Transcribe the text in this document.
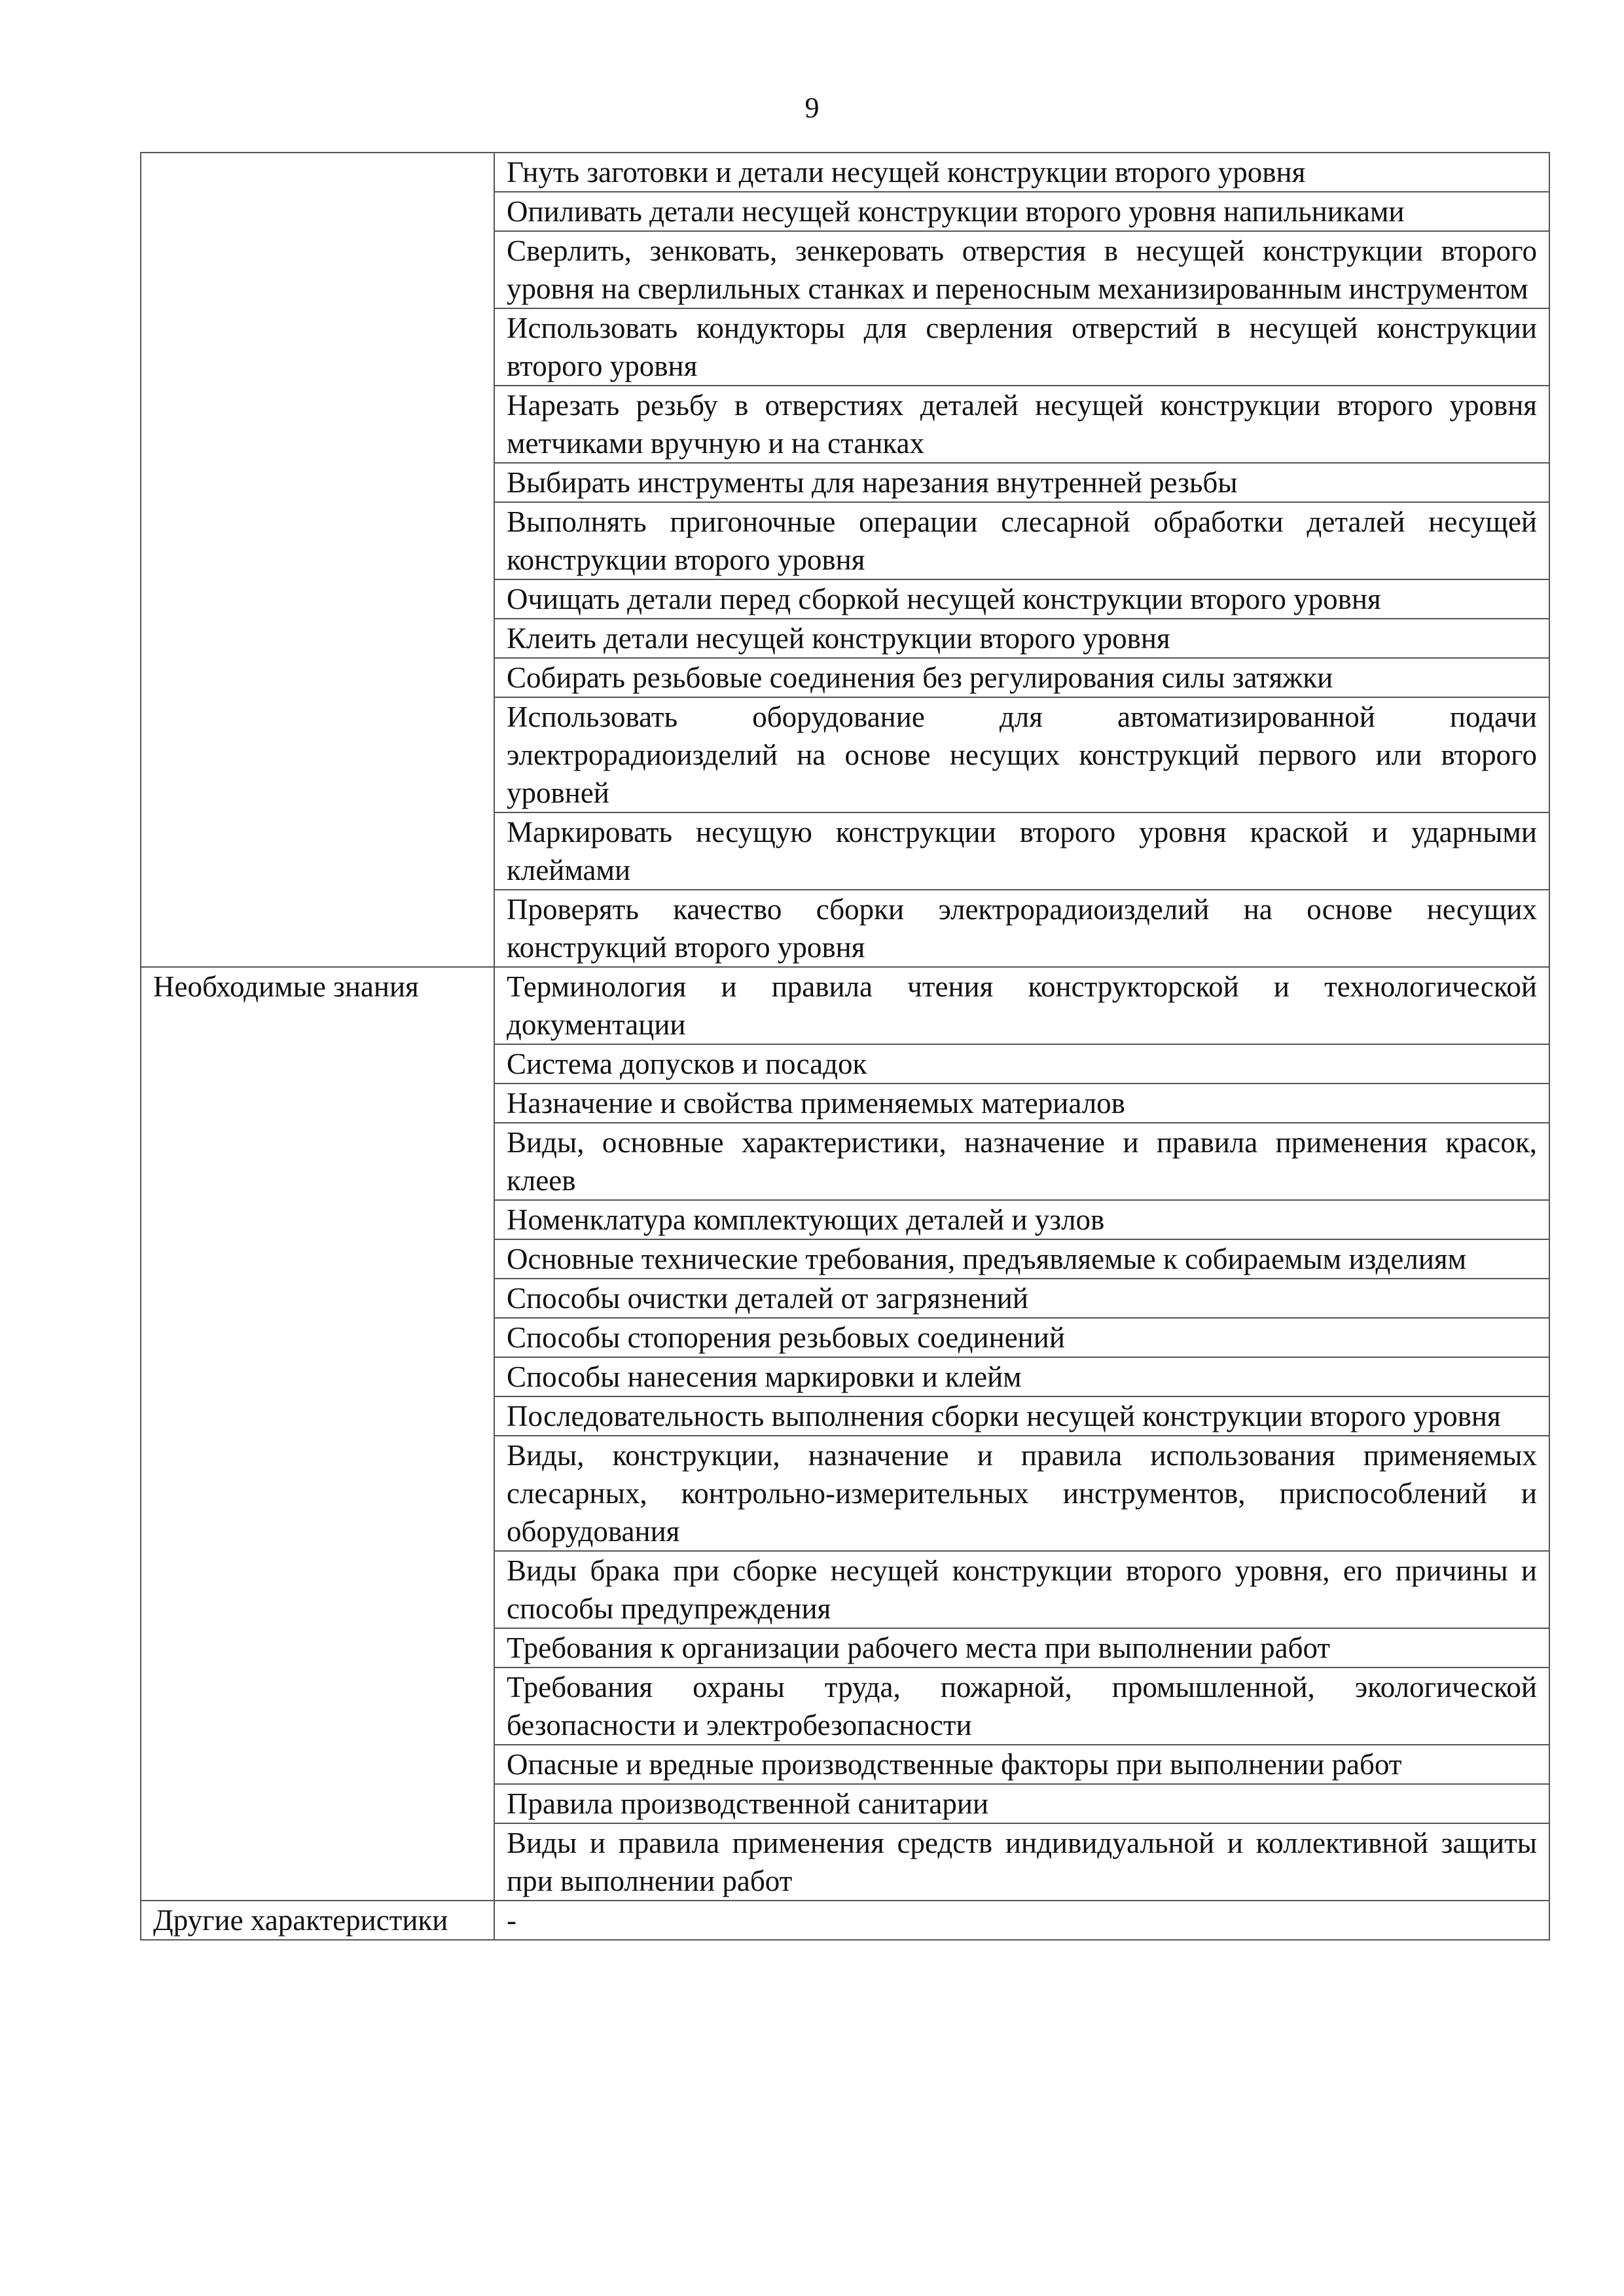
9
	Гнуть заготовки и детали несущей конструкции второго уровня
	Опиливать детали несущей конструкции второго уровня напильниками
	Сверлить, зенковать, зенкеровать отверстия в несущей конструкции второго уровня на сверлильных станках и переносным механизированным инструментом
	Использовать кондукторы для сверления отверстий в несущей конструкции второго уровня
	Нарезать резьбу в отверстиях деталей несущей конструкции второго уровня метчиками вручную и на станках
	Выбирать инструменты для нарезания внутренней резьбы
	Выполнять пригоночные операции слесарной обработки деталей несущей конструкции второго уровня
	Очищать детали перед сборкой несущей конструкции второго уровня
	Клеить детали несущей конструкции второго уровня
	Собирать резьбовые соединения без регулирования силы затяжки
	Использовать оборудование для автоматизированной подачи электрорадиоизделий на основе несущих конструкций первого или второго уровней
	Маркировать несущую конструкции второго уровня краской и ударными клеймами
	Проверять качество сборки электрорадиоизделий на основе несущих конструкций второго уровня
Необходимые знания	Терминология и правила чтения конструкторской и технологической документации
	Система допусков и посадок
	Назначение и свойства применяемых материалов
	Виды, основные характеристики, назначение и правила применения красок, клеев
	Номенклатура комплектующих деталей и узлов
	Основные технические требования, предъявляемые к собираемым изделиям
	Способы очистки деталей от загрязнений
	Способы стопорения резьбовых соединений
	Способы нанесения маркировки и клейм
	Последовательность выполнения сборки несущей конструкции второго уровня
	Виды, конструкции, назначение и правила использования применяемых слесарных, контрольно-измерительных инструментов, приспособлений и оборудования
	Виды брака при сборке несущей конструкции второго уровня, его причины и способы предупреждения
	Требования к организации рабочего места при выполнении работ
	Требования охраны труда, пожарной, промышленной, экологической безопасности и электробезопасности
	Опасные и вредные производственные факторы при выполнении работ
	Правила производственной санитарии
	Виды и правила применения средств индивидуальной и коллективной защиты при выполнении работ
Другие характеристики	-
